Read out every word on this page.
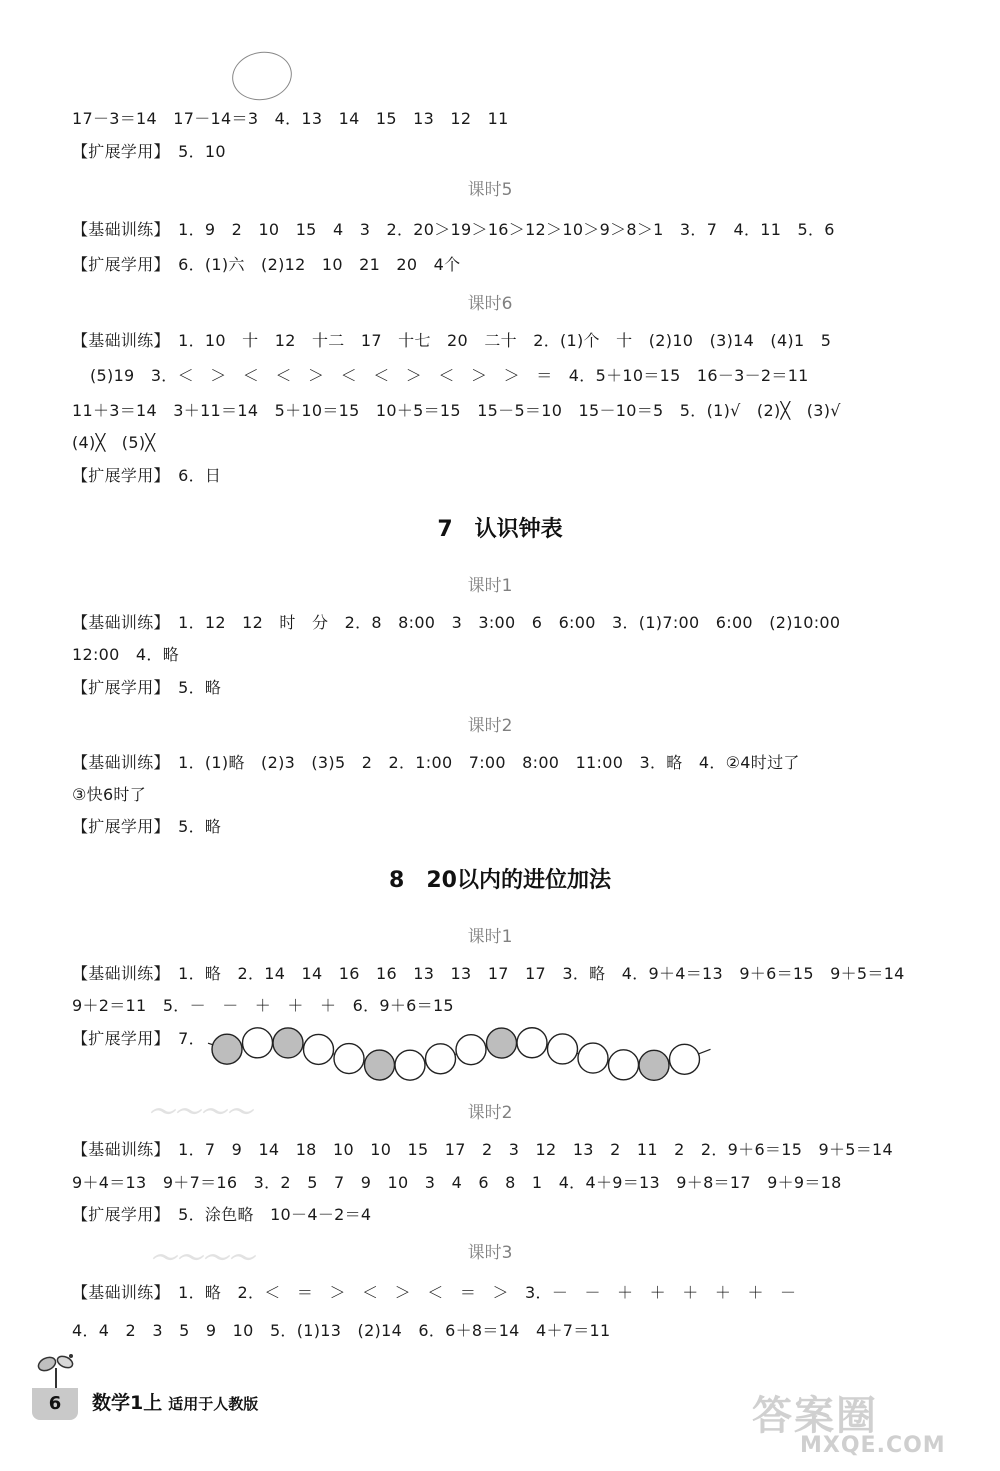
17－3＝14　17－14＝3　4．13　14　15　13　12　11
【扩展学用】　5．10
课时5
【基础训练】　1．9　2　10　15　4　3　2．20＞19＞16＞12＞10＞9＞8＞1　3．7　4．11　5．6
【扩展学用】　6．(1)六　(2)12　10　21　20　4个
课时6
【基础训练】　1．10　十　12　十二　17　十七　20　二十　2．(1)个　十　(2)10　(3)14　(4)1　5
(5)19　3．＜　＞　＜　＜　＞　＜　＜　＞　＜　＞　＞　＝　4．5＋10＝15　16－3－2＝11
11＋3＝14　3＋11＝14　5＋10＝15　10＋5＝15　15－5＝10　15－10＝5　5．(1)√　(2)╳　(3)√
(4)╳　(5)╳
【扩展学用】　6．日
7　认识钟表
课时1
【基础训练】　1．12　12　时　分　2．8　8:00　3　3:00　6　6:00　3．(1)7:00　6:00　(2)10:00
12:00　4．略
【扩展学用】　5．略
课时2
【基础训练】　1．(1)略　(2)3　(3)5　2　2．1:00　7:00　8:00　11:00　3．略　4．②4时过了
③快6时了
【扩展学用】　5．略
8　20以内的进位加法
课时1
【基础训练】　1．略　2．14　14　16　16　13　13　17　17　3．略　4．9＋4＝13　9＋6＝15　9＋5＝14
9＋2＝11　5．－　－　＋　＋　＋　6．9＋6＝15
【扩展学用】　7．
～～～～	课时2
【基础训练】　1．7　9　14　18　10　10　15　17　2　3　12　13　2　11　2　2．9＋6＝15　9＋5＝14
9＋4＝13　9＋7＝16　3．2　5　7　9　10　3　4　6　8　1　4．4＋9＝13　9＋8＝17　9＋9＝18
【扩展学用】　5．涂色略　10－4－2＝4
～～～～	课时3
【基础训练】　1．略　2．＜　＝　＞　＜　＞　＜　＝　＞　3．－　－　＋　＋　＋　＋　＋　－
4．4　2　3　5　9　10　5．(1)13　(2)14　6．6＋8＝14　4＋7＝11
6	数学1上 适用于人教版	答案圈
MXQE.COM
